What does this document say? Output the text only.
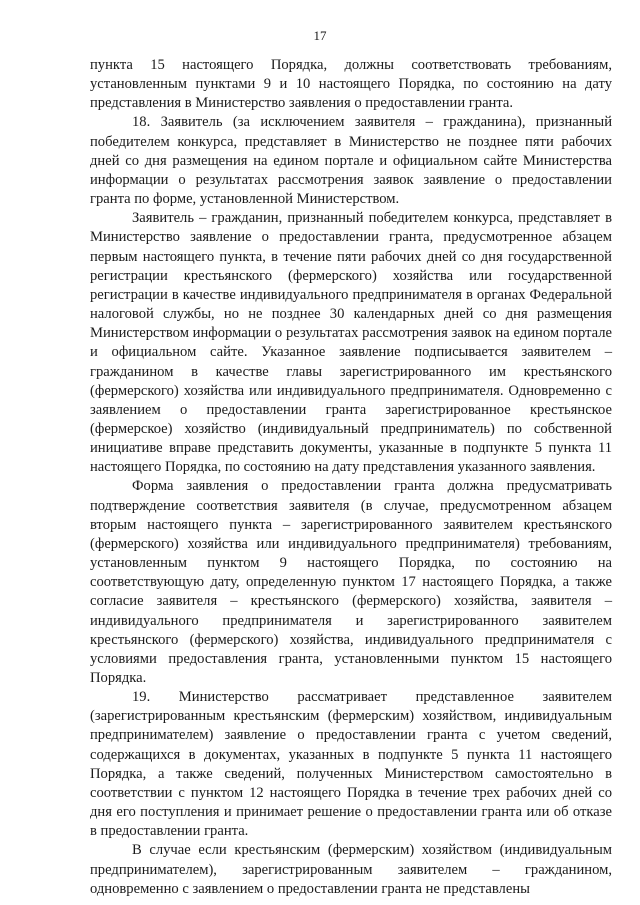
17

пункта 15 настоящего Порядка, должны соответствовать требованиям, установленным пунктами 9 и 10 настоящего Порядка, по состоянию на дату представления в Министерство заявления о предоставлении гранта.

18. Заявитель (за исключением заявителя – гражданина), признанный победителем конкурса, представляет в Министерство не позднее пяти рабочих дней со дня размещения на едином портале и официальном сайте Министерства информации о результатах рассмотрения заявок заявление о предоставлении гранта по форме, установленной Министерством.

Заявитель – гражданин, признанный победителем конкурса, представляет в Министерство заявление о предоставлении гранта, предусмотренное абзацем первым настоящего пункта, в течение пяти рабочих дней со дня государственной регистрации крестьянского (фермерского) хозяйства или государственной регистрации в качестве индивидуального предпринимателя в органах Федеральной налоговой службы, но не позднее 30 календарных дней со дня размещения Министерством информации о результатах рассмотрения заявок на едином портале и официальном сайте. Указанное заявление подписывается заявителем – гражданином в качестве главы зарегистрированного им крестьянского (фермерского) хозяйства или индивидуального предпринимателя. Одновременно с заявлением о предоставлении гранта зарегистрированное крестьянское (фермерское) хозяйство (индивидуальный предприниматель) по собственной инициативе вправе представить документы, указанные в подпункте 5 пункта 11 настоящего Порядка, по состоянию на дату представления указанного заявления.

Форма заявления о предоставлении гранта должна предусматривать подтверждение соответствия заявителя (в случае, предусмотренном абзацем вторым настоящего пункта – зарегистрированного заявителем крестьянского (фермерского) хозяйства или индивидуального предпринимателя) требованиям, установленным пунктом 9 настоящего Порядка, по состоянию на соответствующую дату, определенную пунктом 17 настоящего Порядка, а также согласие заявителя – крестьянского (фермерского) хозяйства, заявителя – индивидуального предпринимателя и зарегистрированного заявителем крестьянского (фермерского) хозяйства, индивидуального предпринимателя с условиями предоставления гранта, установленными пунктом 15 настоящего Порядка.

19. Министерство рассматривает представленное заявителем (зарегистрированным крестьянским (фермерским) хозяйством, индивидуальным предпринимателем) заявление о предоставлении гранта с учетом сведений, содержащихся в документах, указанных в подпункте 5 пункта 11 настоящего Порядка, а также сведений, полученных Министерством самостоятельно в соответствии с пунктом 12 настоящего Порядка в течение трех рабочих дней со дня его поступления и принимает решение о предоставлении гранта или об отказе в предоставлении гранта.

В случае если крестьянским (фермерским) хозяйством (индивидуальным предпринимателем), зарегистрированным заявителем – гражданином, одновременно с заявлением о предоставлении гранта не представлены
